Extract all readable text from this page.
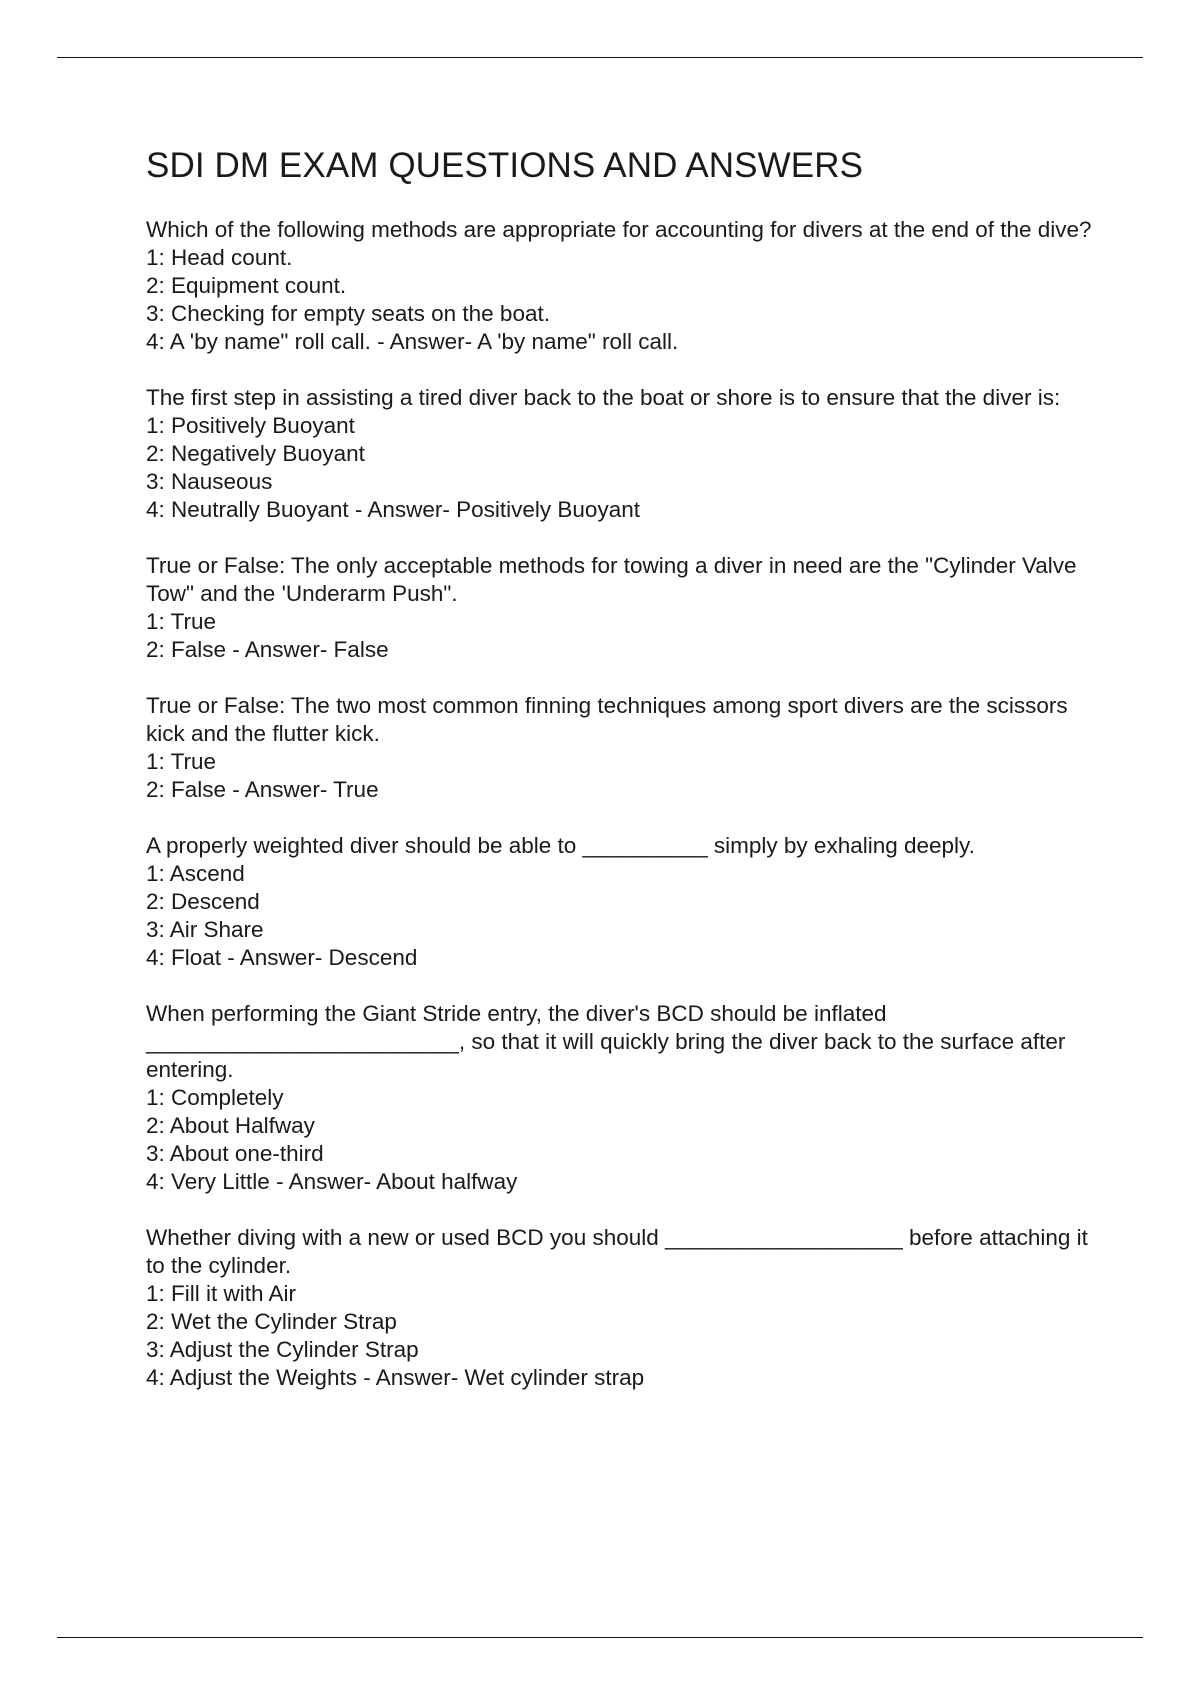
SDI DM EXAM QUESTIONS AND ANSWERS
Which of the following methods are appropriate for accounting for divers at the end of the dive?
1: Head count.
2: Equipment count.
3: Checking for empty seats on the boat.
4: A 'by name" roll call. - Answer- A 'by name" roll call.
The first step in assisting a tired diver back to the boat or shore is to ensure that the diver is:
1: Positively Buoyant
2: Negatively Buoyant
3: Nauseous
4: Neutrally Buoyant - Answer- Positively Buoyant
True or False: The only acceptable methods for towing a diver in need are the "Cylinder Valve Tow" and the 'Underarm Push".
1: True
2: False - Answer- False
True or False: The two most common finning techniques among sport divers are the scissors kick and the flutter kick.
1: True
2: False - Answer- True
A properly weighted diver should be able to __________ simply by exhaling deeply.
1: Ascend
2: Descend
3: Air Share
4: Float - Answer- Descend
When performing the Giant Stride entry, the diver's BCD should be inflated _________________________, so that it will quickly bring the diver back to the surface after entering.
1: Completely
2: About Halfway
3: About one-third
4: Very Little - Answer- About halfway
Whether diving with a new or used BCD you should ___________________ before attaching it to the cylinder.
1: Fill it with Air
2: Wet the Cylinder Strap
3: Adjust the Cylinder Strap
4: Adjust the Weights - Answer- Wet cylinder strap
